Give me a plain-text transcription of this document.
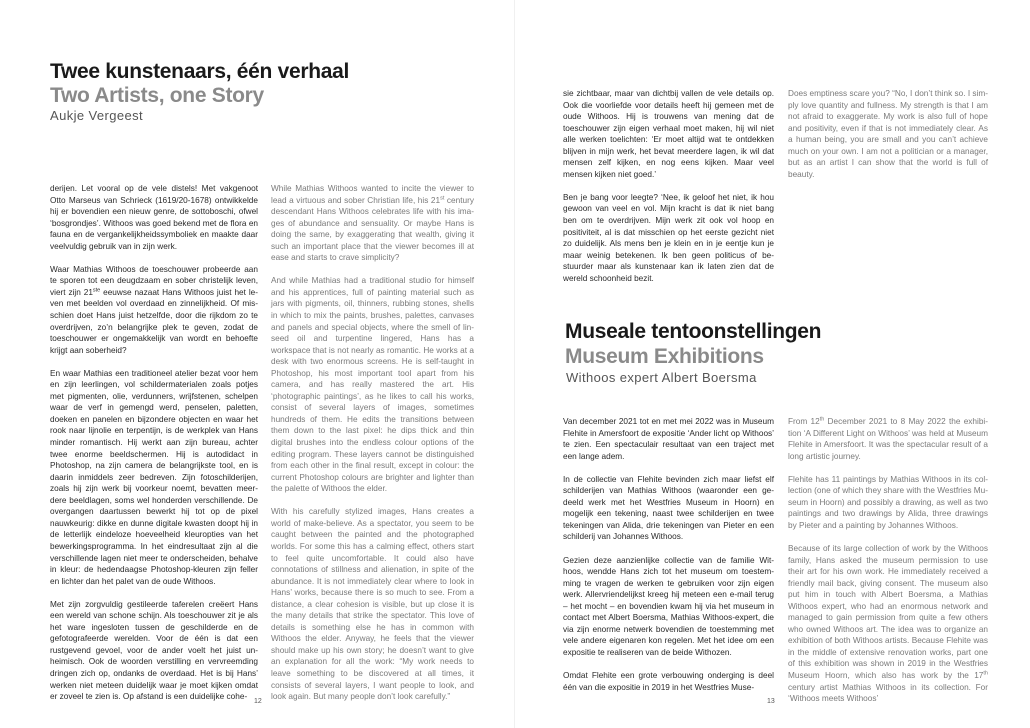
Twee kunstenaars, één verhaal
Two Artists, one Story
Aukje Vergeest

derijen. Let vooral op de vele distels! Met vakgenoot Otto Marseus van Schrieck (1619/20-1678) ontwikkelde hij er bovendien een nieuw genre, de sottoboschi, ofwel ‘bosgrondjes’. Withoos was goed bekend met de flora en fauna en de vergankelijkheidssymboliek en maakte daar veelvuldig gebruik van in zijn werk.

Waar Mathias Withoos de toeschouwer probeerde aan te sporen tot een deugdzaam en sober christelijk leven, viert zijn 21ste eeuwse nazaat Hans Withoos juist het leven met beelden vol overdaad en zinnelijkheid. Of misschien doet Hans juist hetzelfde, door die rijkdom zo te overdrijven, zo’n belangrijke plek te geven, zodat de toeschouwer er ongemakkelijk van wordt en behoefte krijgt aan soberheid?

En waar Mathias een traditioneel atelier bezat voor hem en zijn leerlingen, vol schildermaterialen zoals potjes met pigmenten, olie, verdunners, wrijfstenen, schelpen waar de verf in gemengd werd, penselen, paletten, doeken en panelen en bijzondere objecten en waar het rook naar lijnolie en terpentijn, is de werkplek van Hans minder romantisch. Hij werkt aan zijn bureau, achter twee enorme beeldschermen. Hij is autodidact in Photoshop, na zijn camera de belangrijkste tool, en is daarin inmiddels zeer bedreven. Zijn fotoschilderijen, zoals hij zijn werk bij voorkeur noemt, bevatten meerdere beeldlagen, soms wel honderden verschillende. De overgangen daartussen bewerkt hij tot op de pixel nauwkeurig: dikke en dunne digitale kwasten doopt hij in de letterlijk eindeloze hoeveelheid kleuropties van het bewerkingsprogramma. In het eindresultaat zijn al die verschillende lagen niet meer te onderscheiden, behalve in kleur: de hedendaagse Photoshop-kleuren zijn feller en lichter dan het palet van de oude Withoos.

Met zijn zorgvuldig gestileerde taferelen creëert Hans een wereld van schone schijn. Als toeschouwer zit je als het ware ingesloten tussen de geschilderde en de gefotografeerde werelden. Voor de één is dat een rustgevend gevoel, voor de ander voelt het juist unheimisch. Ook de woorden verstilling en vervreemding dringen zich op, ondanks de overdaad. Het is bij Hans’ werken niet meteen duidelijk waar je moet kijken omdat er zoveel te zien is. Op afstand is een duidelijke cohe-

While Mathias Withoos wanted to incite the viewer to lead a virtuous and sober Christian life, his 21st century descendant Hans Withoos celebrates life with his images of abundance and sensuality. Or maybe Hans is doing the same, by exaggerating that wealth, giving it such an important place that the viewer becomes ill at ease and starts to crave simplicity?

And while Mathias had a traditional studio for himself and his apprentices, full of painting material such as jars with pigments, oil, thinners, rubbing stones, shells in which to mix the paints, brushes, palettes, canvases and panels and special objects, where the smell of linseed oil and turpentine lingered, Hans has a workspace that is not nearly as romantic. He works at a desk with two enormous screens. He is self-taught in Photoshop, his most important tool apart from his camera, and has really mastered the art. His ‘photographic paintings’, as he likes to call his works, consist of several layers of images, sometimes hundreds of them. He edits the transitions between them down to the last pixel: he dips thick and thin digital brushes into the endless colour options of the editing program. These layers cannot be distinguished from each other in the final result, except in colour: the current Photoshop colours are brighter and lighter than the palette of Withoos the elder.

With his carefully stylized images, Hans creates a world of make-believe. As a spectator, you seem to be caught between the painted and the photographed worlds. For some this has a calming effect, others start to feel quite uncomfortable. It could also have connotations of stillness and alienation, in spite of the abundance. It is not immediately clear where to look in Hans’ works, because there is so much to see. From a distance, a clear cohesion is visible, but up close it is the many details that strike the spectator. This love of details is something else he has in common with Withoos the elder. Anyway, he feels that the viewer should make up his own story; he doesn’t want to give an explanation for all the work: “My work needs to leave something to be discovered at all times, it consists of several layers, I want people to look, and look again. But many people don’t look carefully.”

12

sie zichtbaar, maar van dichtbij vallen de vele details op. Ook die voorliefde voor details heeft hij gemeen met de oude Withoos. Hij is trouwens van mening dat de toeschouwer zijn eigen verhaal moet maken, hij wil niet alle werken toelichten: ‘Er moet altijd wat te ontdekken blijven in mijn werk, het bevat meerdere lagen, ik wil dat mensen zelf kijken, en nog eens kijken. Maar veel mensen kijken niet goed.’

Ben je bang voor leegte? ‘Nee, ik geloof het niet, ik hou gewoon van veel en vol. Mijn kracht is dat ik niet bang ben om te overdrijven. Mijn werk zit ook vol hoop en positiviteit, al is dat misschien op het eerste gezicht niet zo duidelijk. Als mens ben je klein en in je eentje kun je maar weinig betekenen. Ik ben geen politicus of bestuurder maar als kunstenaar kan ik laten zien dat de wereld schoonheid bezit.

Does emptiness scare you? “No, I don’t think so. I simply love quantity and fullness. My strength is that I am not afraid to exaggerate. My work is also full of hope and positivity, even if that is not immediately clear. As a human being, you are small and you can’t achieve much on your own. I am not a politician or a manager, but as an artist I can show that the world is full of beauty.

Museale tentoonstellingen
Museum Exhibitions
Withoos expert Albert Boersma

Van december 2021 tot en met mei 2022 was in Museum Flehite in Amersfoort de expositie ‘Ander licht op Withoos’ te zien. Een spectaculair resultaat van een traject met een lange adem.

In de collectie van Flehite bevinden zich maar liefst elf schilderijen van Mathias Withoos (waaronder een gedeeld werk met het Westfries Museum in Hoorn) en mogelijk een tekening, naast twee schilderijen en twee tekeningen van Alida, drie tekeningen van Pieter en een schilderij van Johannes Withoos.

Gezien deze aanzienlijke collectie van de familie Withoos, wendde Hans zich tot het museum om toestemming te vragen de werken te gebruiken voor zijn eigen werk. Allervriendelijkst kreeg hij meteen een e-mail terug – het mocht – en bovendien kwam hij via het museum in contact met Albert Boersma, Mathias Withoos-expert, die via zijn enorme netwerk bovendien de toestemming met vele andere eigenaren kon regelen. Met het idee om een expositie te realiseren van de beide Withozen.

Omdat Flehite een grote verbouwing onderging is deel één van die expositie in 2019 in het Westfries Muse-

From 12th December 2021 to 8 May 2022 the exhibition ‘A Different Light on Withoos’ was held at Museum Flehite in Amersfoort. It was the spectacular result of a long artistic journey.

Flehite has 11 paintings by Mathias Withoos in its collection (one of which they share with the Westfries Museum in Hoorn) and possibly a drawing, as well as two paintings and two drawings by Alida, three drawings by Pieter and a painting by Johannes Withoos.

Because of its large collection of work by the Withoos family, Hans asked the museum permission to use their art for his own work. He immediately received a friendly mail back, giving consent. The museum also put him in touch with Albert Boersma, a Mathias Withoos expert, who had an enormous network and managed to gain permission from quite a few others who owned Withoos art. The idea was to organize an exhibition of both Withoos artists. Because Flehite was in the middle of extensive renovation works, part one of this exhibition was shown in 2019 in the Westfries Museum Hoorn, which also has work by the 17th century artist Mathias Withoos in its collection. For ‘Withoos meets Withoos’

13
